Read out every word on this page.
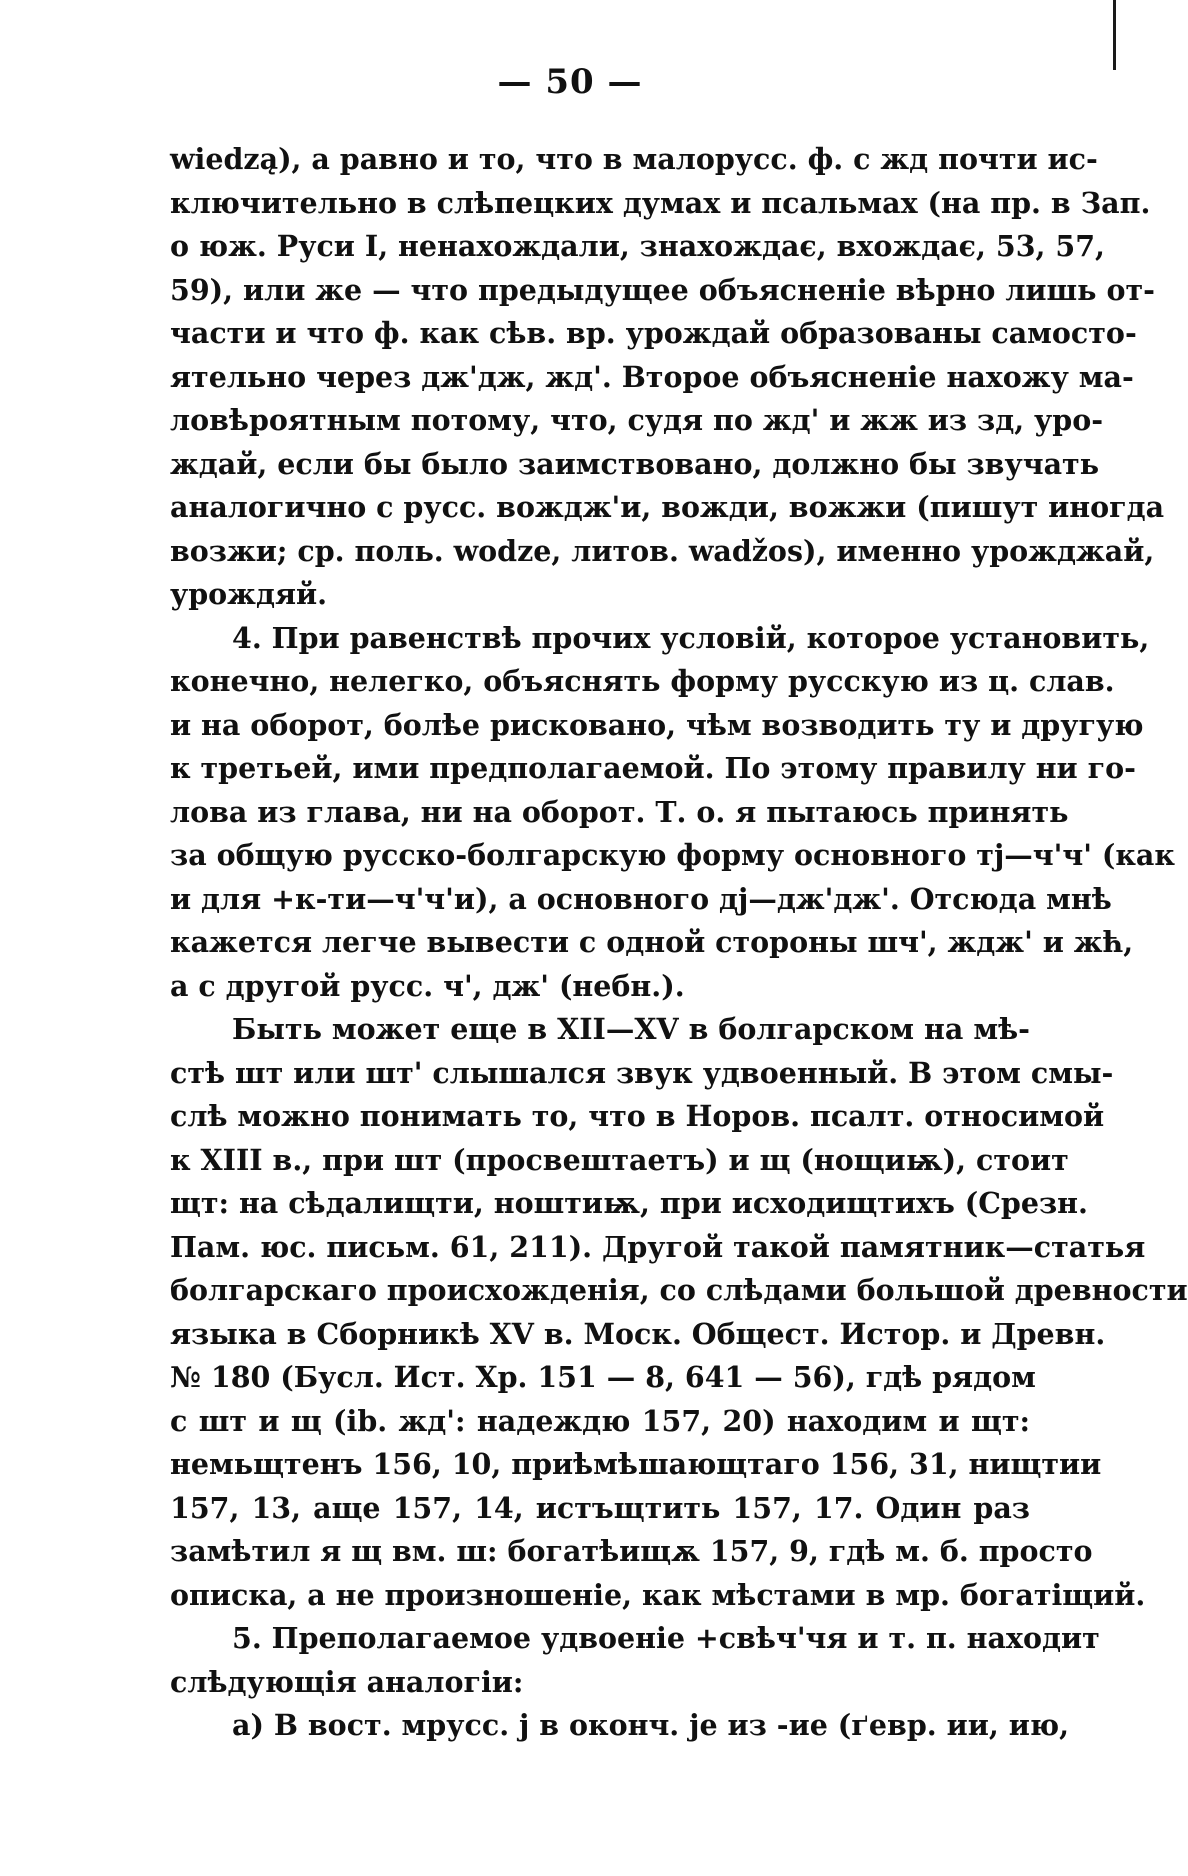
— 50 —
wiedzą), а равно и то, что в малорусс. ф. с жд почти ис-
ключительно в слѣпецких думах и псальмах (на пр. в Зап.
о юж. Руси I, ненахождали, знахождає, вхождає, 53, 57,
59), или же — что предыдущее объясненіе вѣрно лишь от-
части и что ф. как сѣв. вр. урождай образованы самосто-
ятельно через дж'дж, жд'. Второе объясненіе нахожу ма-
ловѣроятным потому, что, судя по жд' и жж из зд, уро-
ждай, если бы было заимствовано, должно бы звучать
аналогично с русс. вождж'и, вожди, вожжи (пишут иногда
возжи; ср. поль. wodze, литов. wadžos), именно урожджай,
урождяй.
4. При равенствѣ прочих условій, которое установить,
конечно, нелегко, объяснять форму русскую из ц. слав.
и на оборот, болѣе рисковано, чѣм возводить ту и другую
к третьей, ими предполагаемой. По этому правилу ни го-
лова из глава, ни на оборот. Т. о. я пытаюсь принять
за общую русско-болгарскую форму основного тј—ч'ч' (как
и для +к-ти—ч'ч'и), а основного дј—дж'дж'. Отсюда мнѣ
кажется легче вывести с одной стороны шч', ждж' и жћ,
а с другой русс. ч', дж' (небн.).
Быть может еще в XII—XV в болгарском на мѣ-
стѣ шт или шт' слышался звук удвоенный. В этом смы-
слѣ можно понимать то, что в Норов. псалт. относимой
к XIII в., при шт (просвештаетъ) и щ (нощиѭ), стоит
щт: на сѣдалищти, ноштиѭ, при исходищтихъ (Срезн.
Пам. юс. письм. 61, 211). Другой такой памятник—статья
болгарскаго происхожденія, со слѣдами большой древности
языка в Сборникѣ XV в. Моск. Общест. Истор. и Древн.
№ 180 (Бусл. Ист. Хр. 151 — 8, 641 — 56), гдѣ рядом
с шт и щ (ib. жд': надеждю 157, 20) находим и щт:
немьщтенъ 156, 10, приѣмѣшающтаго 156, 31, нищтии
157, 13, аще 157, 14, истъщтить 157, 17. Один раз
замѣтил я щ вм. ш: богатѣищѫ 157, 9, гдѣ м. б. просто
описка, а не произношеніе, как мѣстами в мр. богатіщий.
5. Преполагаемое удвоеніе +свѣч'чя и т. п. находит
слѣдующія аналогіи:
a) В вост. мрусс. ј в оконч. је из -ие (ґевр. ии, ию,
